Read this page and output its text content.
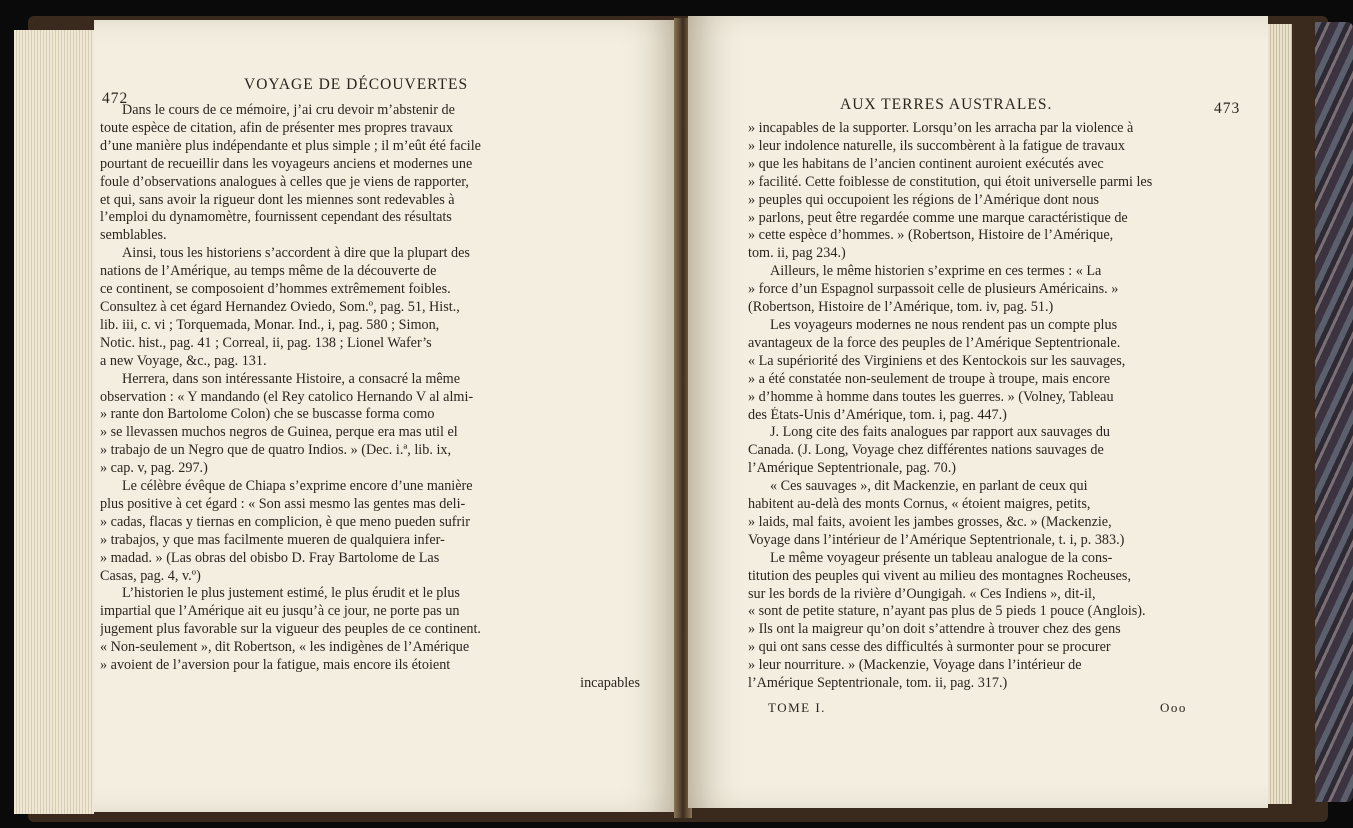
472
VOYAGE DE DÉCOUVERTES

Dans le cours de ce mémoire, j’ai cru devoir m’abstenir de

toute espèce de citation, afin de présenter mes propres travaux

d’une manière plus indépendante et plus simple ; il m’eût été facile

pourtant de recueillir dans les voyageurs anciens et modernes une

foule d’observations analogues à celles que je viens de rapporter,

et qui, sans avoir la rigueur dont les miennes sont redevables à

l’emploi du dynamomètre, fournissent cependant des résultats

semblables.

Ainsi, tous les historiens s’accordent à dire que la plupart des

nations de l’Amérique, au temps même de la découverte de

ce continent, se composoient d’hommes extrêmement foibles.

Consultez à cet égard Hernandez Oviedo, Som.º, pag. 51, Hist.,

lib. iii, c. vi ; Torquemada, Monar. Ind., i, pag. 580 ; Simon,

Notic. hist., pag. 41 ; Correal, ii, pag. 138 ; Lionel Wafer’s

a new Voyage, &c., pag. 131.

Herrera, dans son intéressante Histoire, a consacré la même

observation : « Y mandando (el Rey catolico Hernando V al almi-

» rante don Bartolome Colon) che se buscasse forma como

» se llevassen muchos negros de Guinea, perque era mas util el

» trabajo de un Negro que de quatro Indios. » (Dec. i.ª, lib. ix,

» cap. v, pag. 297.)

Le célèbre évêque de Chiapa s’exprime encore d’une manière

plus positive à cet égard : « Son assi mesmo las gentes mas deli-

» cadas, flacas y tiernas en complicion, è que meno pueden sufrir

» trabajos, y que mas facilmente mueren de qualquiera infer-

» madad. » (Las obras del obisbo D. Fray Bartolome de Las

Casas, pag. 4, v.º)

L’historien le plus justement estimé, le plus érudit et le plus

impartial que l’Amérique ait eu jusqu’à ce jour, ne porte pas un

jugement plus favorable sur la vigueur des peuples de ce continent.

« Non-seulement », dit Robertson, « les indigènes de l’Amérique

» avoient de l’aversion pour la fatigue, mais encore ils étoient

incapables

AUX TERRES AUSTRALES.	473

» incapables de la supporter. Lorsqu’on les arracha par la violence à

» leur indolence naturelle, ils succombèrent à la fatigue de travaux

» que les habitans de l’ancien continent auroient exécutés avec

» facilité. Cette foiblesse de constitution, qui étoit universelle parmi les

» peuples qui occupoient les régions de l’Amérique dont nous

» parlons, peut être regardée comme une marque caractéristique de

» cette espèce d’hommes. » (Robertson, Histoire de l’Amérique,

tom. ii, pag 234.)

Ailleurs, le même historien s’exprime en ces termes : « La

» force d’un Espagnol surpassoit celle de plusieurs Américains. »

(Robertson, Histoire de l’Amérique, tom. iv, pag. 51.)

Les voyageurs modernes ne nous rendent pas un compte plus

avantageux de la force des peuples de l’Amérique Septentrionale.

« La supériorité des Virginiens et des Kentockois sur les sauvages,

» a été constatée non-seulement de troupe à troupe, mais encore

» d’homme à homme dans toutes les guerres. » (Volney, Tableau

des États-Unis d’Amérique, tom. i, pag. 447.)

J. Long cite des faits analogues par rapport aux sauvages du

Canada. (J. Long, Voyage chez différentes nations sauvages de

l’Amérique Septentrionale, pag. 70.)

« Ces sauvages », dit Mackenzie, en parlant de ceux qui

habitent au-delà des monts Cornus, « étoient maigres, petits,

» laids, mal faits, avoient les jambes grosses, &c. » (Mackenzie,

Voyage dans l’intérieur de l’Amérique Septentrionale, t. i, p. 383.)

Le même voyageur présente un tableau analogue de la cons-

titution des peuples qui vivent au milieu des montagnes Rocheuses,

sur les bords de la rivière d’Oungigah. « Ces Indiens », dit-il,

« sont de petite stature, n’ayant pas plus de 5 pieds 1 pouce (Anglois).

» Ils ont la maigreur qu’on doit s’attendre à trouver chez des gens

» qui ont sans cesse des difficultés à surmonter pour se procurer

» leur nourriture. » (Mackenzie, Voyage dans l’intérieur de

l’Amérique Septentrionale, tom. ii, pag. 317.)

TOME I.	Ooo
